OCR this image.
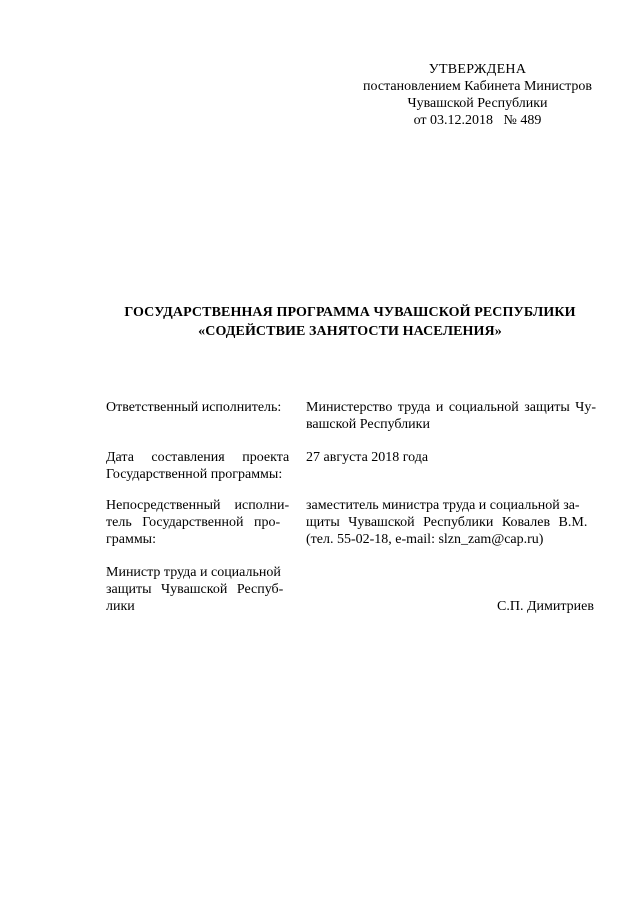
УТВЕРЖДЕНА
постановлением Кабинета Министров
Чувашской Республики
от 03.12.2018   № 489
ГОСУДАРСТВЕННАЯ ПРОГРАММА ЧУВАШСКОЙ РЕСПУБЛИКИ
«СОДЕЙСТВИЕ ЗАНЯТОСТИ НАСЕЛЕНИЯ»
Ответственный исполнитель:	Министерство труда и социальной защиты Чу-
вашской Республики
Дата     составления     проекта
Государственной программы:
27 августа 2018 года
Непосредственный    исполни-
тель   Государственной   про-
граммы:
заместитель министра труда и социальной за-
щиты Чувашской Республики Ковалев В.М.
(тел. 55-02-18, e-mail: slzn_zam@cap.ru)
Министр труда и социальной
защиты Чувашской Респуб-
лики	С.П. Димитриев
